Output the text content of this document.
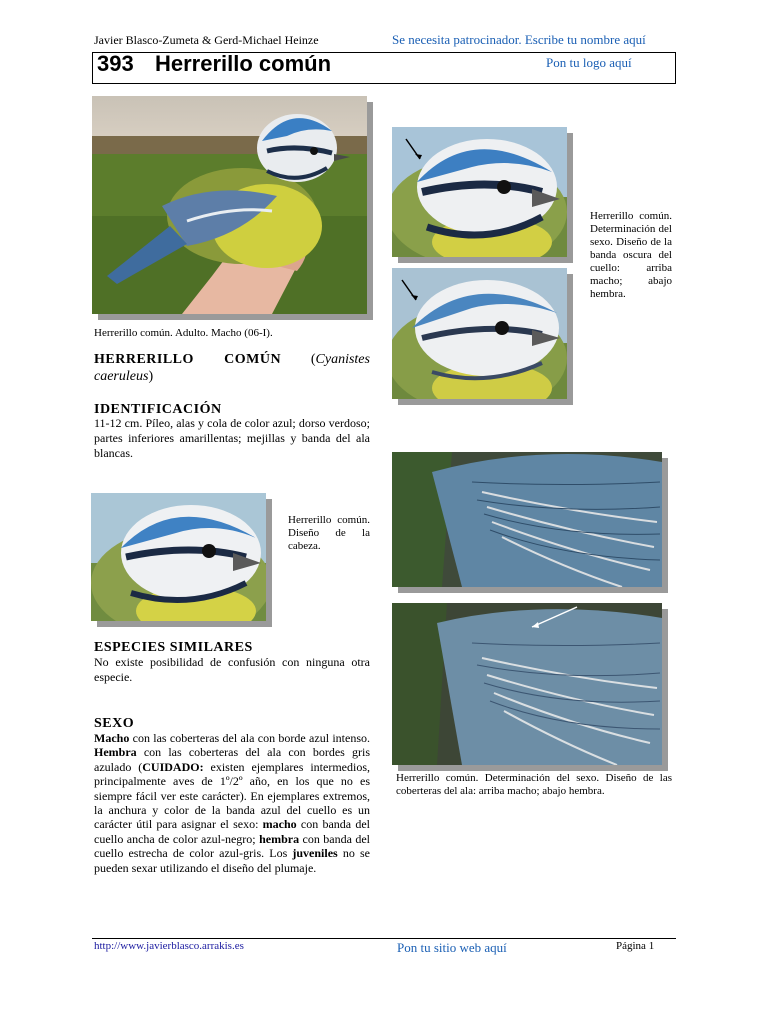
Javier Blasco-Zumeta & Gerd-Michael Heinze	Se necesita patrocinador. Escribe tu nombre aquí
393 Herrerillo común	Pon tu logo aquí
Herrerillo común. Determinación del sexo. Diseño de la banda oscura del cuello: arriba macho; abajo hembra.
Herrerillo común. Adulto. Macho (06-I).
HERRERILLO COMÚN (Cyanistes caeruleus)
IDENTIFICACIÓN
11-12 cm. Píleo, alas y cola de color azul; dorso verdoso; partes inferiores amarillentas; mejillas y banda del ala blancas.
Herrerillo común. Diseño de la cabeza.
Herrerillo común. Determinación del sexo. Diseño de las coberteras del ala: arriba macho; abajo hembra.
ESPECIES SIMILARES
No existe posibilidad de confusión con ninguna otra especie.
SEXO
Macho con las coberteras del ala con borde azul intenso. Hembra con las coberteras del ala con bordes gris azulado (CUIDADO: existen ejemplares intermedios, principalmente aves de 1º/2º año, en los que no es siempre fácil ver este carácter). En ejemplares extremos, la anchura y color de la banda azul del cuello es un carácter útil para asignar el sexo: macho con banda del cuello ancha de color azul-negro; hembra con banda del cuello estrecha de color azul-gris. Los juveniles no se pueden sexar utilizando el diseño del plumaje.
http://www.javierblasco.arrakis.es	Pon tu sitio web aquí	Página 1
